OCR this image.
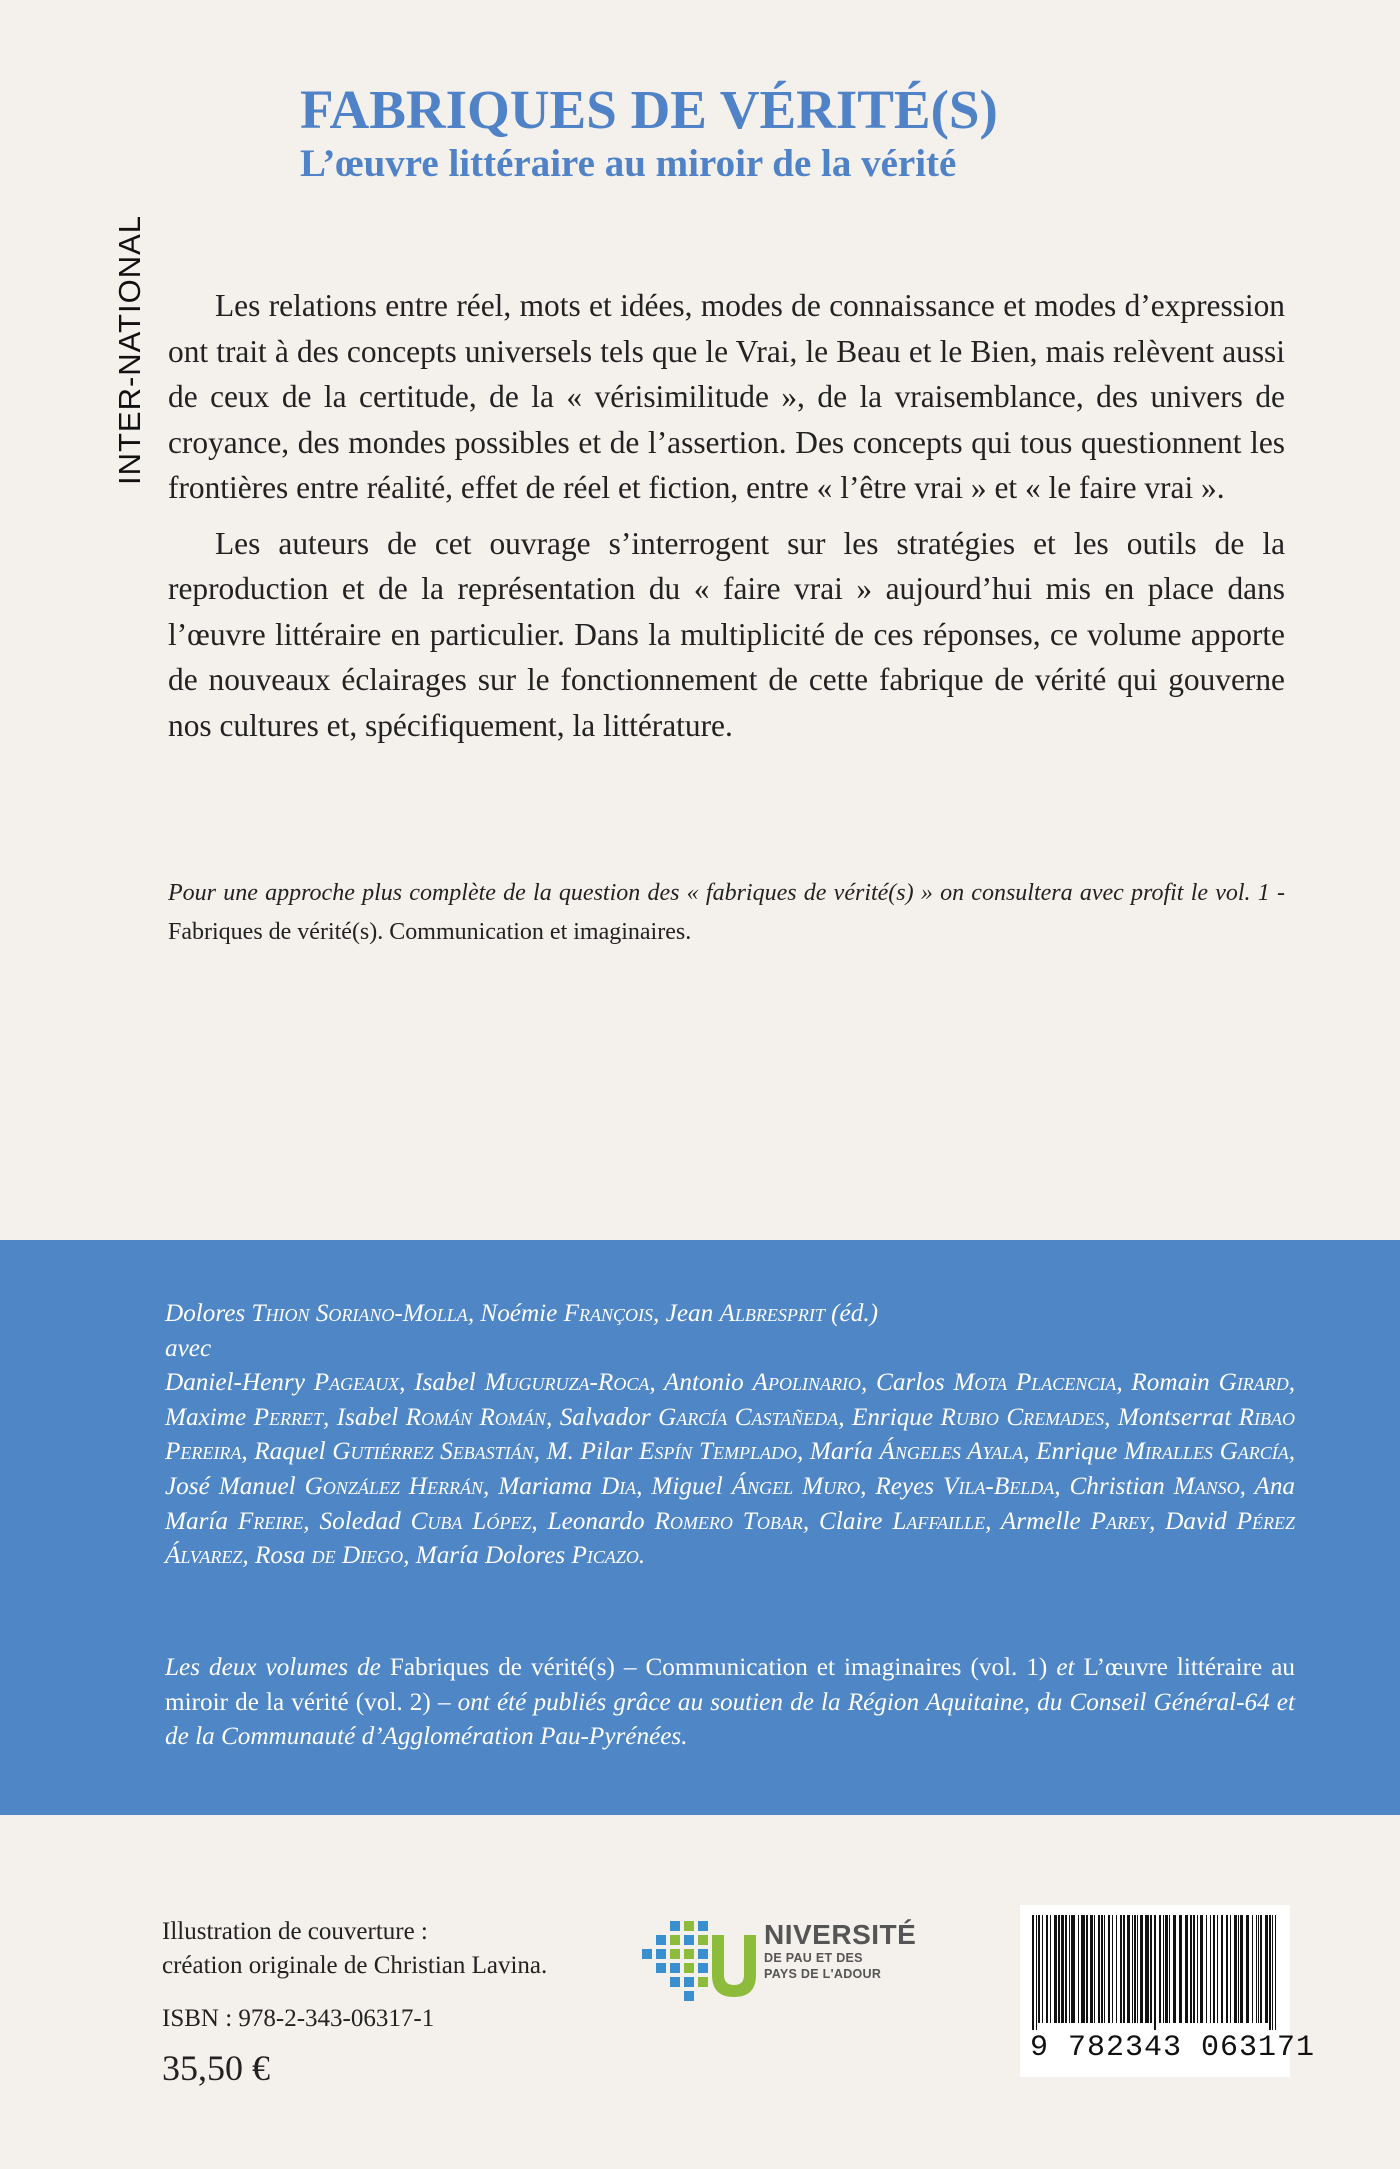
INTER-NATIONAL
FABRIQUES DE VÉRITÉ(S)
L’œuvre littéraire au miroir de la vérité

Les relations entre réel, mots et idées, modes de connaissance et modes d’expression ont trait à des concepts universels tels que le Vrai, le Beau et le Bien, mais relèvent aussi de ceux de la certitude, de la « vérisimilitude », de la vraisemblance, des univers de croyance, des mondes possibles et de l’assertion. Des concepts qui tous questionnent les frontières entre réalité, effet de réel et fiction, entre « l’être vrai » et « le faire vrai ».

Les auteurs de cet ouvrage s’interrogent sur les stratégies et les outils de la reproduction et de la représentation du « faire vrai » aujourd’hui mis en place dans l’œuvre littéraire en particulier. Dans la multiplicité de ces réponses, ce volume apporte de nouveaux éclairages sur le fonctionnement de cette fabrique de vérité qui gouverne nos cultures et, spécifiquement, la littérature.

Pour une approche plus complète de la question des « fabriques de vérité(s) » on consultera avec profit le vol. 1 - Fabriques de vérité(s). Communication et imaginaires.
Dolores Thion Soriano-Molla, Noémie François, Jean Albresprit (éd.)
avec
Daniel-Henry Pageaux, Isabel Muguruza-Roca, Antonio Apolinario, Carlos Mota Placencia, Romain Girard, Maxime Perret, Isabel Román Román, Salvador García Castañeda, Enrique Rubio Cremades, Montserrat Ribao Pereira, Raquel Gutiérrez Sebastián, M. Pilar Espín Templado, María Ángeles Ayala, Enrique Miralles García, José Manuel González Herrán, Mariama Dia, Miguel Ángel Muro, Reyes Vila-Belda, Christian Manso, Ana María Freire, Soledad Cuba López, Leonardo Romero Tobar, Claire Laffaille, Armelle Parey, David Pérez Álvarez, Rosa de Diego, María Dolores Picazo.
Les deux volumes de Fabriques de vérité(s) – Communication et imaginaires (vol. 1) et L’œuvre littéraire au miroir de la vérité (vol. 2) – ont été publiés grâce au soutien de la Région Aquitaine, du Conseil Général-64 et de la Communauté d’Agglomération Pau-Pyrénées.
Illustration de couverture :
création originale de Christian Lavina.
ISBN : 978-2-343-06317-1
35,50 €
NIVERSITÉ
DE PAU ET DES
PAYS DE L'ADOUR
9 782343 063171
